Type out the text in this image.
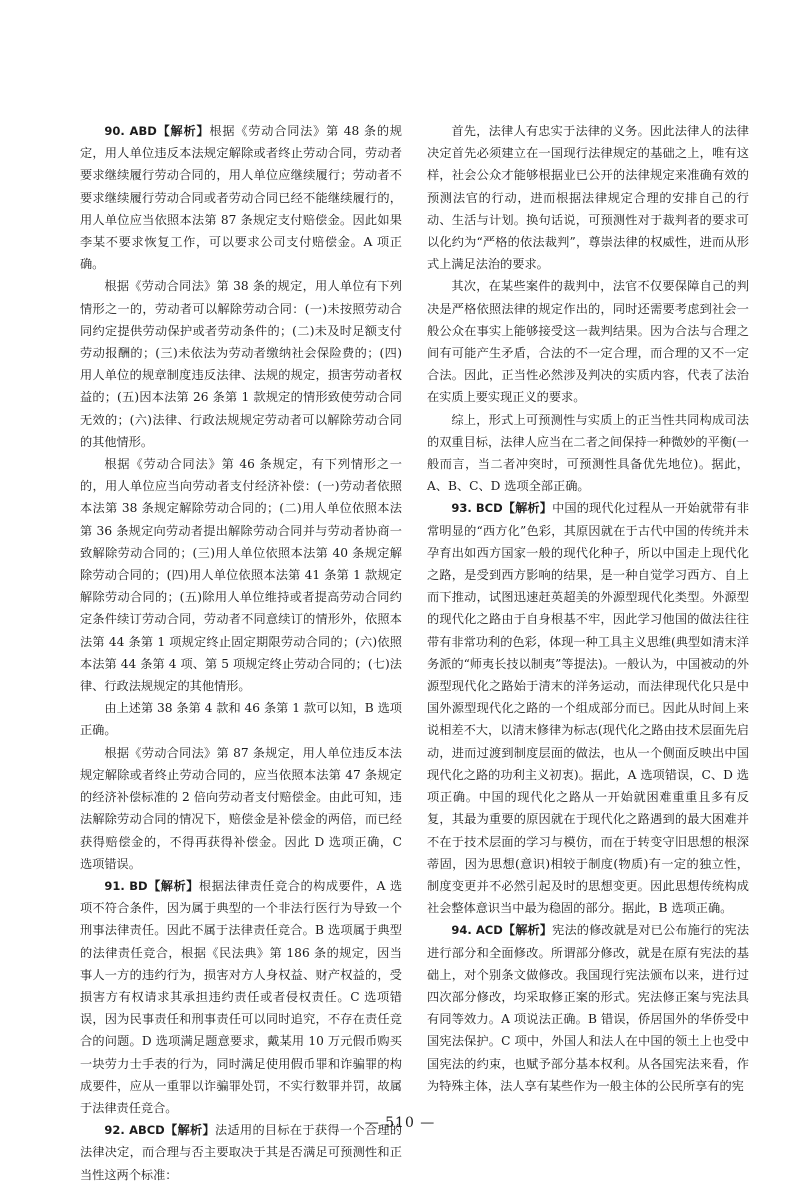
90. ABD【解析】根据《劳动合同法》第 48 条的规定，用人单位违反本法规定解除或者终止劳动合同，劳动者要求继续履行劳动合同的，用人单位应继续履行；劳动者不要求继续履行劳动合同或者劳动合同已经不能继续履行的，用人单位应当依照本法第 87 条规定支付赔偿金。因此如果李某不要求恢复工作，可以要求公司支付赔偿金。A 项正确。

根据《劳动合同法》第 38 条的规定，用人单位有下列情形之一的，劳动者可以解除劳动合同：(一)未按照劳动合同约定提供劳动保护或者劳动条件的；(二)未及时足额支付劳动报酬的；(三)未依法为劳动者缴纳社会保险费的；(四)用人单位的规章制度违反法律、法规的规定，损害劳动者权益的；(五)因本法第 26 条第 1 款规定的情形致使劳动合同无效的；(六)法律、行政法规规定劳动者可以解除劳动合同的其他情形。

根据《劳动合同法》第 46 条规定，有下列情形之一的，用人单位应当向劳动者支付经济补偿：(一)劳动者依照本法第 38 条规定解除劳动合同的；(二)用人单位依照本法第 36 条规定向劳动者提出解除劳动合同并与劳动者协商一致解除劳动合同的；(三)用人单位依照本法第 40 条规定解除劳动合同的；(四)用人单位依照本法第 41 条第 1 款规定解除劳动合同的；(五)除用人单位维持或者提高劳动合同约定条件续订劳动合同，劳动者不同意续订的情形外，依照本法第 44 条第 1 项规定终止固定期限劳动合同的；(六)依照本法第 44 条第 4 项、第 5 项规定终止劳动合同的；(七)法律、行政法规规定的其他情形。

由上述第 38 条第 4 款和 46 条第 1 款可以知，B 选项正确。

根据《劳动合同法》第 87 条规定，用人单位违反本法规定解除或者终止劳动合同的，应当依照本法第 47 条规定的经济补偿标准的 2 倍向劳动者支付赔偿金。由此可知，违法解除劳动合同的情况下，赔偿金是补偿金的两倍，而已经获得赔偿金的，不得再获得补偿金。因此 D 选项正确，C 选项错误。

91. BD【解析】根据法律责任竞合的构成要件，A 选项不符合条件，因为属于典型的一个非法行医行为导致一个刑事法律责任。因此不属于法律责任竞合。B 选项属于典型的法律责任竞合，根据《民法典》第 186 条的规定，因当事人一方的违约行为，损害对方人身权益、财产权益的，受损害方有权请求其承担违约责任或者侵权责任。C 选项错误，因为民事责任和刑事责任可以同时追究，不存在责任竞合的问题。D 选项满足题意要求，戴某用 10 万元假币购买一块劳力士手表的行为，同时满足使用假币罪和诈骗罪的构成要件，应从一重罪以诈骗罪处罚，不实行数罪并罚，故属于法律责任竞合。

92. ABCD【解析】法适用的目标在于获得一个合理的法律决定，而合理与否主要取决于其是否满足可预测性和正当性这两个标准：

首先，法律人有忠实于法律的义务。因此法律人的法律决定首先必须建立在一国现行法律规定的基础之上，唯有这样，社会公众才能够根据业已公开的法律规定来准确有效的预测法官的行动，进而根据法律规定合理的安排自己的行动、生活与计划。换句话说，可预测性对于裁判者的要求可以化约为“严格的依法裁判”，尊崇法律的权威性，进而从形式上满足法治的要求。

其次，在某些案件的裁判中，法官不仅要保障自己的判决是严格依照法律的规定作出的，同时还需要考虑到社会一般公众在事实上能够接受这一裁判结果。因为合法与合理之间有可能产生矛盾，合法的不一定合理，而合理的又不一定合法。因此，正当性必然涉及判决的实质内容，代表了法治在实质上要实现正义的要求。

综上，形式上可预测性与实质上的正当性共同构成司法的双重目标，法律人应当在二者之间保持一种微妙的平衡(一般而言，当二者冲突时，可预测性具备优先地位)。据此，A、B、C、D 选项全部正确。

93. BCD【解析】中国的现代化过程从一开始就带有非常明显的“西方化”色彩，其原因就在于古代中国的传统并未孕育出如西方国家一般的现代化种子，所以中国走上现代化之路，是受到西方影响的结果，是一种自觉学习西方、自上而下推动，试图迅速赶英超美的外源型现代化类型。外源型的现代化之路由于自身根基不牢，因此学习他国的做法往往带有非常功利的色彩，体现一种工具主义思维(典型如清末洋务派的“师夷长技以制夷”等提法)。一般认为，中国被动的外源型现代化之路始于清末的洋务运动，而法律现代化只是中国外源型现代化之路的一个组成部分而已。因此从时间上来说相差不大，以清末修律为标志(现代化之路由技术层面先启动，进而过渡到制度层面的做法，也从一个侧面反映出中国现代化之路的功利主义初衷)。据此，A 选项错误，C、D 选项正确。中国的现代化之路从一开始就困难重重且多有反复，其最为重要的原因就在于现代化之路遇到的最大困难并不在于技术层面的学习与模仿，而在于转变守旧思想的根深蒂固，因为思想(意识)相较于制度(物质)有一定的独立性，制度变更并不必然引起及时的思想变更。因此思想传统构成社会整体意识当中最为稳固的部分。据此，B 选项正确。

94. ACD【解析】宪法的修改就是对已公布施行的宪法进行部分和全面修改。所谓部分修改，就是在原有宪法的基础上，对个别条文做修改。我国现行宪法颁布以来，进行过四次部分修改，均采取修正案的形式。宪法修正案与宪法具有同等效力。A 项说法正确。B 错误，侨居国外的华侨受中国宪法保护。C 项中，外国人和法人在中国的领土上也受中国宪法的约束，也赋予部分基本权利。从各国宪法来看，作为特殊主体，法人享有某些作为一般主体的公民所享有的宪

— 510 —
